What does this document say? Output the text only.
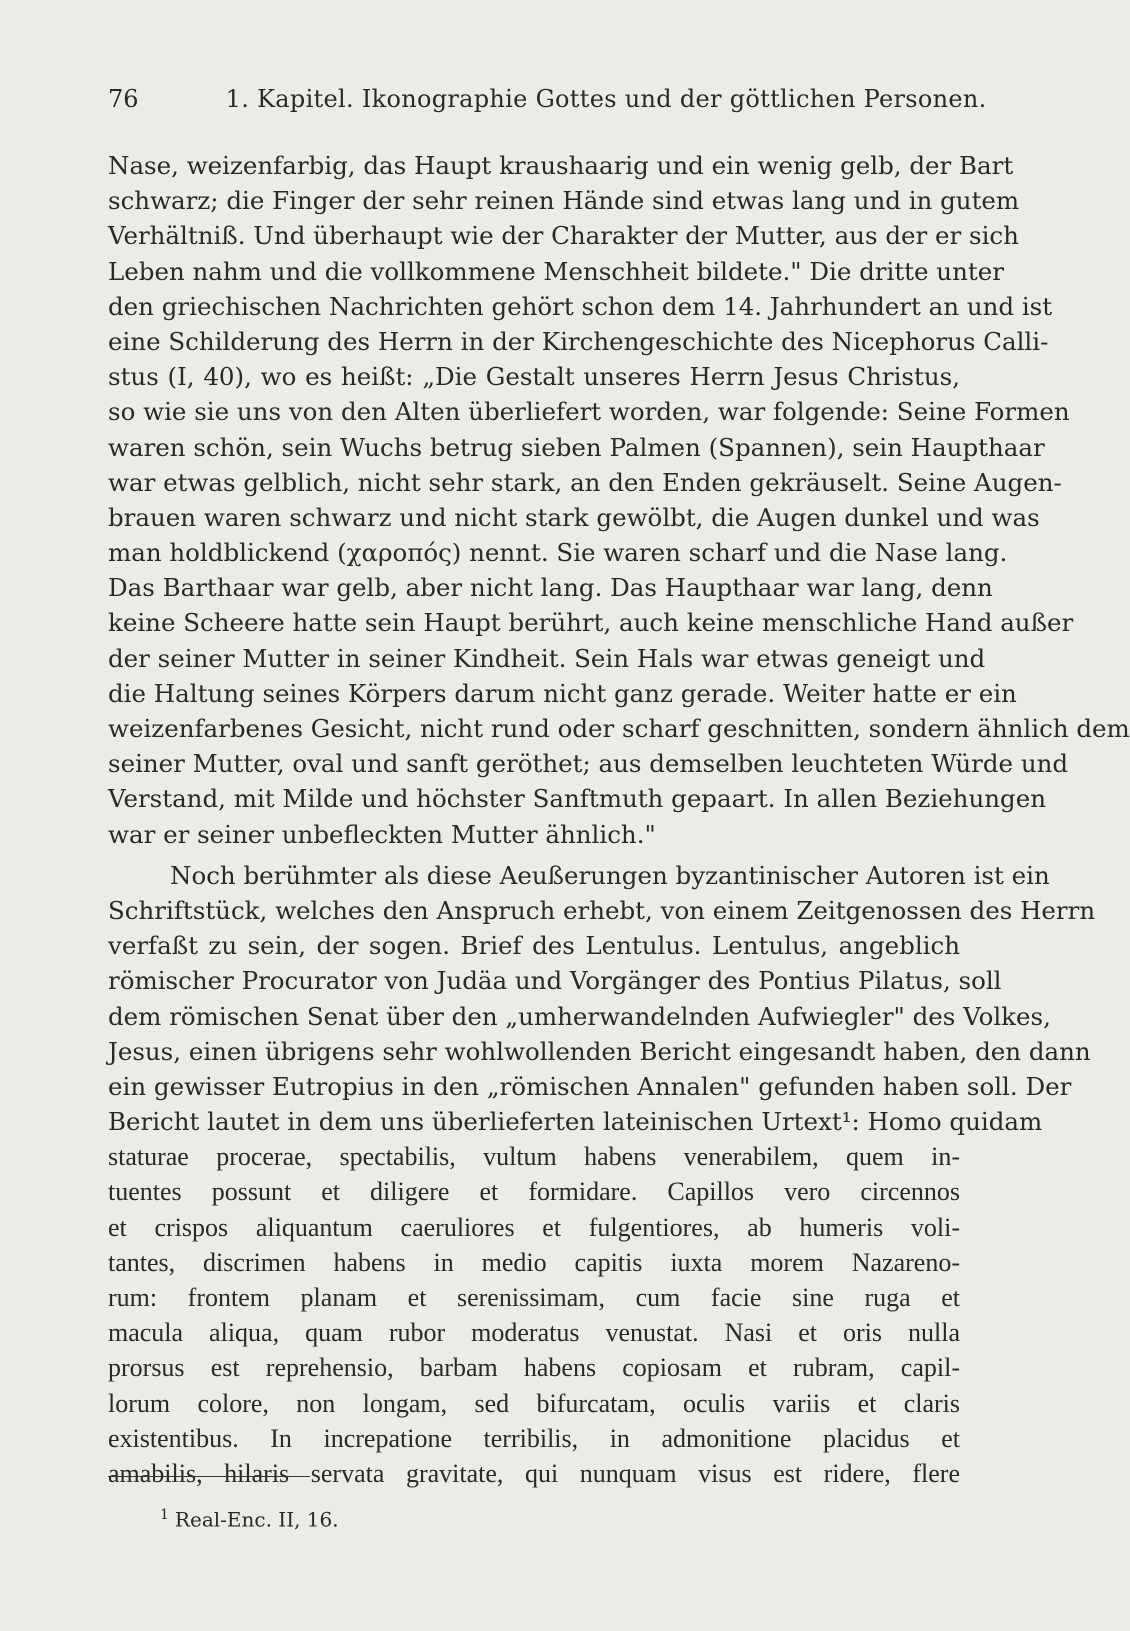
76	1. Kapitel. Ikonographie Gottes und der göttlichen Personen.
Nase, weizenfarbig, das Haupt kraushaarig und ein wenig gelb, der Bart
schwarz; die Finger der sehr reinen Hände sind etwas lang und in gutem
Verhältniß. Und überhaupt wie der Charakter der Mutter, aus der er sich
Leben nahm und die vollkommene Menschheit bildete." Die dritte unter
den griechischen Nachrichten gehört schon dem 14. Jahrhundert an und ist
eine Schilderung des Herrn in der Kirchengeschichte des Nicephorus Calli-
stus (I, 40), wo es heißt: „Die Gestalt unseres Herrn Jesus Christus,
so wie sie uns von den Alten überliefert worden, war folgende: Seine Formen
waren schön, sein Wuchs betrug sieben Palmen (Spannen), sein Haupthaar
war etwas gelblich, nicht sehr stark, an den Enden gekräuselt. Seine Augen-
brauen waren schwarz und nicht stark gewölbt, die Augen dunkel und was
man holdblickend (χαροπός) nennt. Sie waren scharf und die Nase lang.
Das Barthaar war gelb, aber nicht lang. Das Haupthaar war lang, denn
keine Scheere hatte sein Haupt berührt, auch keine menschliche Hand außer
der seiner Mutter in seiner Kindheit. Sein Hals war etwas geneigt und
die Haltung seines Körpers darum nicht ganz gerade. Weiter hatte er ein
weizenfarbenes Gesicht, nicht rund oder scharf geschnitten, sondern ähnlich dem
seiner Mutter, oval und sanft geröthet; aus demselben leuchteten Würde und
Verstand, mit Milde und höchster Sanftmuth gepaart. In allen Beziehungen
war er seiner unbefleckten Mutter ähnlich."
Noch berühmter als diese Aeußerungen byzantinischer Autoren ist ein
Schriftstück, welches den Anspruch erhebt, von einem Zeitgenossen des Herrn
verfaßt zu sein, der sogen. Brief des Lentulus. Lentulus, angeblich
römischer Procurator von Judäa und Vorgänger des Pontius Pilatus, soll
dem römischen Senat über den „umherwandelnden Aufwiegler" des Volkes,
Jesus, einen übrigens sehr wohlwollenden Bericht eingesandt haben, den dann
ein gewisser Eutropius in den „römischen Annalen" gefunden haben soll. Der
Bericht lautet in dem uns überlieferten lateinischen Urtext¹: Homo quidam
staturae procerae, spectabilis, vultum habens venerabilem, quem in-
tuentes possunt et diligere et formidare. Capillos vero circennos
et crispos aliquantum caeruliores et fulgentiores, ab humeris voli-
tantes, discrimen habens in medio capitis iuxta morem Nazareno-
rum: frontem planam et serenissimam, cum facie sine ruga et
macula aliqua, quam rubor moderatus venustat. Nasi et oris nulla
prorsus est reprehensio, barbam habens copiosam et rubram, capil-
lorum colore, non longam, sed bifurcatam, oculis variis et claris
existentibus. In increpatione terribilis, in admonitione placidus et
amabilis, hilaris servata gravitate, qui nunquam visus est ridere, flere
$^1$ Real-Enc. II, 16.
